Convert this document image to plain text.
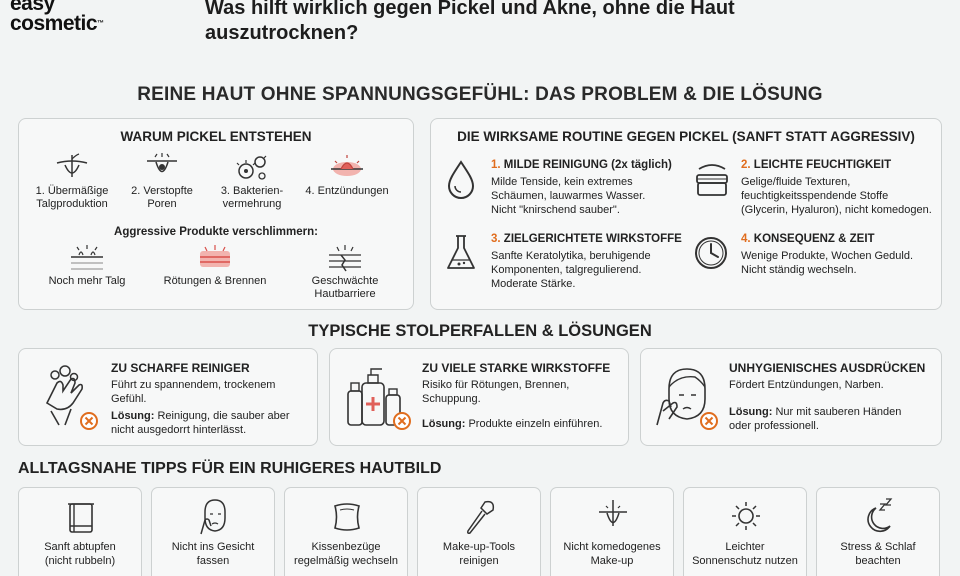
easy
cosmetic™
Was hilft wirklich gegen Pickel und Akne, ohne die Haut
auszutrocknen?
REINE HAUT OHNE SPANNUNGSGEFÜHL: DAS PROBLEM & DIE LÖSUNG
WARUM PICKEL ENTSTEHEN
1. Übermäßige
Talgproduktion
2. Verstopfte
Poren
3. Bakterien-
vermehrung
4. Entzündungen
Aggressive Produkte verschlimmern:
Noch mehr Talg	Rötungen & Brennen	Geschwächte
Hautbarriere
DIE WIRKSAME ROUTINE GEGEN PICKEL (SANFT STATT AGGRESSIV)
1. MILDE REINIGUNG (2x täglich)
Milde Tenside, kein extremes
Schäumen, lauwarmes Wasser.
Nicht "knirschend sauber".
2. LEICHTE FEUCHTIGKEIT
Gelige/fluide Texturen,
feuchtigkeitsspendende Stoffe
(Glycerin, Hyaluron), nicht komedogen.
3. ZIELGERICHTETE WIRKSTOFFE
Sanfte Keratolytika, beruhigende
Komponenten, talgregulierend.
Moderate Stärke.
4. KONSEQUENZ & ZEIT
Wenige Produkte, Wochen Geduld.
Nicht ständig wechseln.
TYPISCHE STOLPERFALLEN & LÖSUNGEN
ZU SCHARFE REINIGER
Führt zu spannendem, trockenem
Gefühl.
Lösung: Reinigung, die sauber aber
nicht ausgedorrt hinterlässt.
ZU VIELE STARKE WIRKSTOFFE
Risiko für Rötungen, Brennen,
Schuppung.
Lösung: Produkte einzeln einführen.
UNHYGIENISCHES AUSDRÜCKEN
Fördert Entzündungen, Narben.
Lösung: Nur mit sauberen Händen
oder professionell.
ALLTAGSNAHE TIPPS FÜR EIN RUHIGERES HAUTBILD
Sanft abtupfen
(nicht rubbeln)
Nicht ins Gesicht
fassen
Kissenbezüge
regelmäßig wechseln
Make-up-Tools
reinigen
Nicht komedogenes
Make-up
Leichter
Sonnenschutz nutzen
Stress & Schlaf
beachten
